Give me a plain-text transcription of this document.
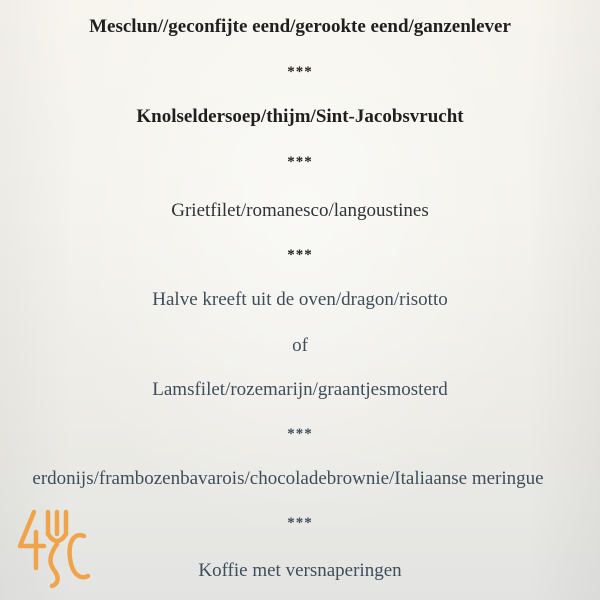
Mesclun//geconfijte eend/gerookte eend/ganzenlever
***
Knolseldersoep/thijm/Sint-Jacobsvrucht
***
Grietfilet/romanesco/langoustines
***
Halve kreeft uit de oven/dragon/risotto
of
Lamsfilet/rozemarijn/graantjesmosterd
***
erdonijs/frambozenbavarois/chocoladebrownie/Italiaanse meringue
***
Koffie met versnaperingen
